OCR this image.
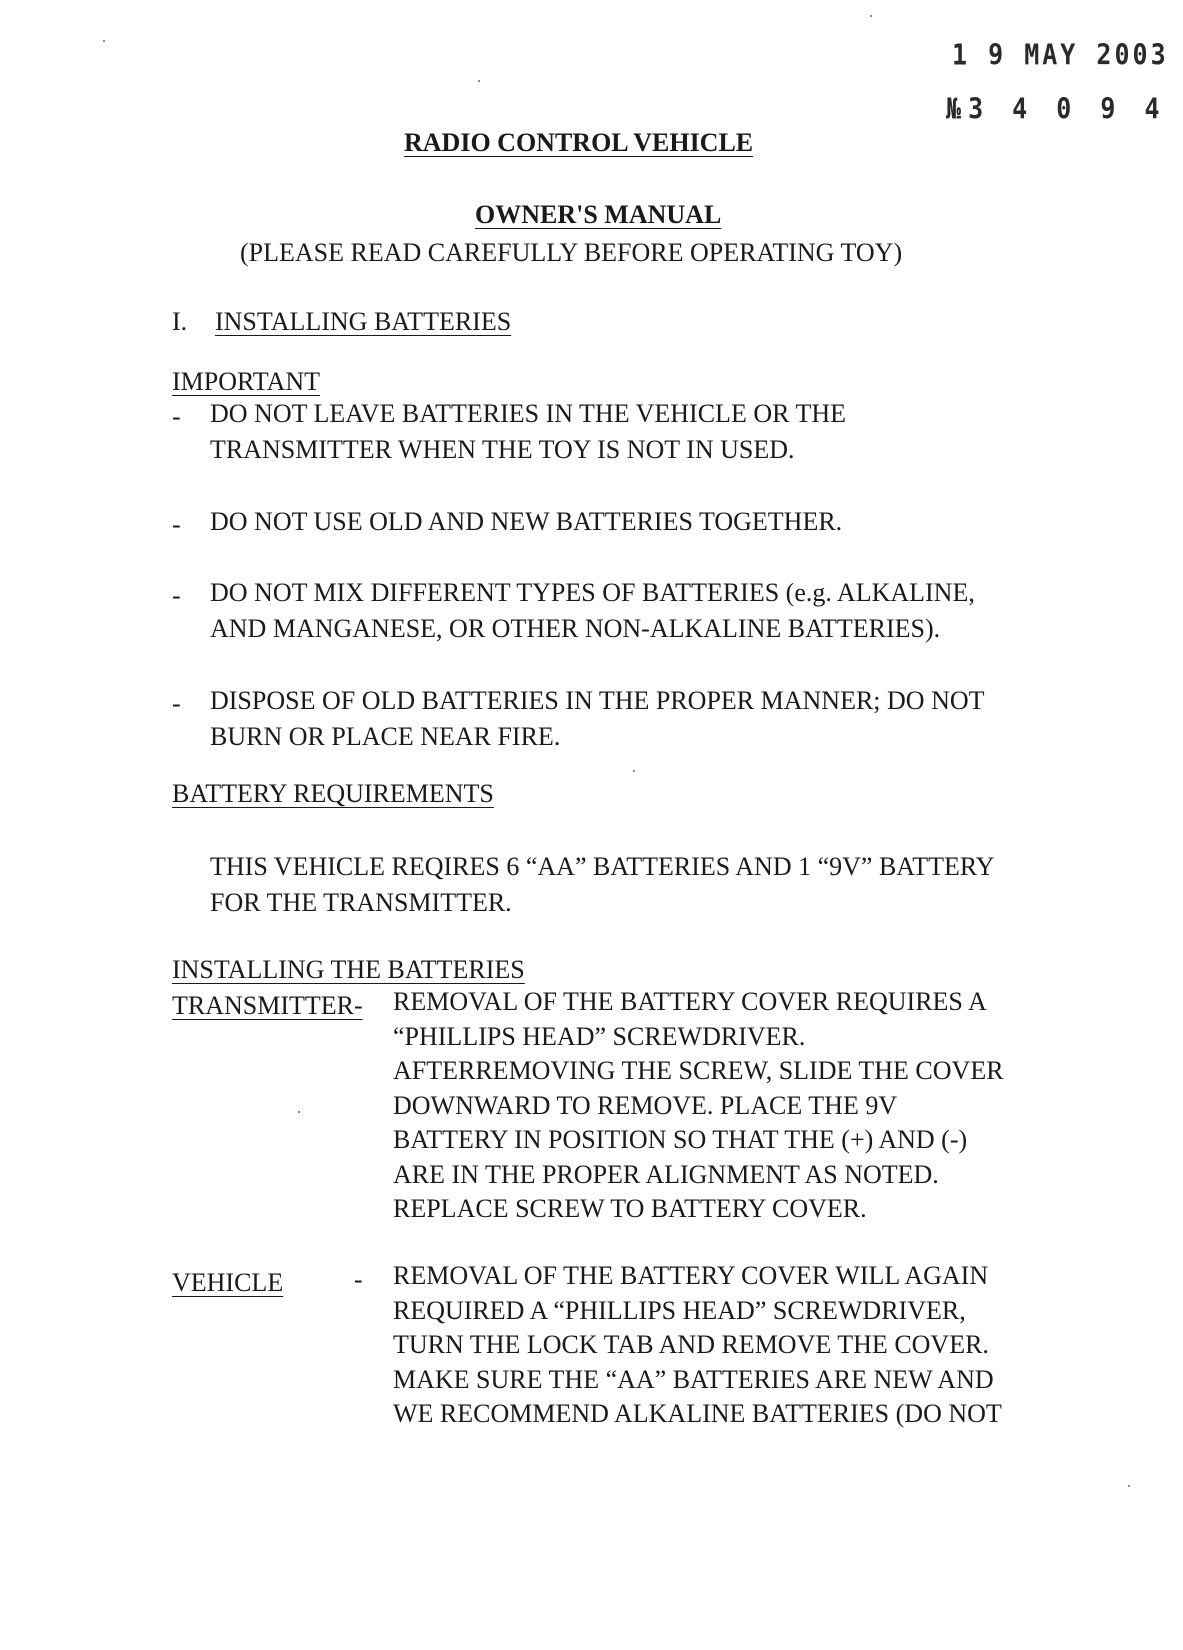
1 9 MAY 2003
№3 4 0 9 4
RADIO CONTROL VEHICLE
OWNER'S MANUAL
(PLEASE READ CAREFULLY BEFORE OPERATING TOY)
I. INSTALLING BATTERIES
IMPORTANT
- DO NOT LEAVE BATTERIES IN THE VEHICLE OR THE
TRANSMITTER WHEN THE TOY IS NOT IN USED.
- DO NOT USE OLD AND NEW BATTERIES TOGETHER.
- DO NOT MIX DIFFERENT TYPES OF BATTERIES (e.g. ALKALINE,
AND MANGANESE, OR OTHER NON-ALKALINE BATTERIES).
- DISPOSE OF OLD BATTERIES IN THE PROPER MANNER; DO NOT
BURN OR PLACE NEAR FIRE.
BATTERY REQUIREMENTS
THIS VEHICLE REQIRES 6 “AA” BATTERIES AND 1 “9V” BATTERY
FOR THE TRANSMITTER.
INSTALLING THE BATTERIES
TRANSMITTER- REMOVAL OF THE BATTERY COVER REQUIRES A
“PHILLIPS HEAD” SCREWDRIVER.
AFTERREMOVING THE SCREW, SLIDE THE COVER
DOWNWARD TO REMOVE. PLACE THE 9V
BATTERY IN POSITION SO THAT THE (+) AND (-)
ARE IN THE PROPER ALIGNMENT AS NOTED.
REPLACE SCREW TO BATTERY COVER.
VEHICLE	- REMOVAL OF THE BATTERY COVER WILL AGAIN
REQUIRED A “PHILLIPS HEAD” SCREWDRIVER,
TURN THE LOCK TAB AND REMOVE THE COVER.
MAKE SURE THE “AA” BATTERIES ARE NEW AND
WE RECOMMEND ALKALINE BATTERIES (DO NOT
